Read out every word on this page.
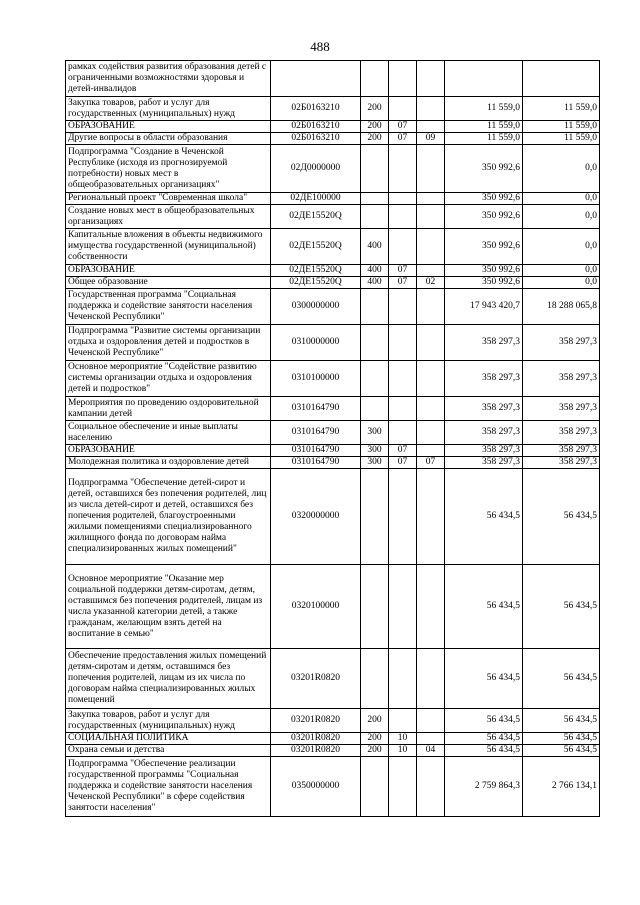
488
рамках содействия развития образования детей с ограниченными возможностями здоровья и детей-инвалидов						
Закупка товаров, работ и услуг для государственных (муниципальных) нужд	02Б0163210	200			11 559,0	11 559,0
ОБРАЗОВАНИЕ	02Б0163210	200	07		11 559,0	11 559,0
Другие вопросы в области образования	02Б0163210	200	07	09	11 559,0	11 559,0
Подпрограмма "Создание в Чеченской Республике (исходя из прогнозируемой потребности) новых мест в общеобразовательных организациях"	02Д0000000				350 992,6	0,0
Региональный проект "Современная школа"	02ДЕ100000				350 992,6	0,0
Создание новых мест в общеобразовательных организациях	02ДЕ15520Q				350 992,6	0,0
Капитальные вложения в объекты недвижимого имущества государственной (муниципальной) собственности	02ДЕ15520Q	400			350 992,6	0,0
ОБРАЗОВАНИЕ	02ДЕ15520Q	400	07		350 992,6	0,0
Общее образование	02ДЕ15520Q	400	07	02	350 992,6	0,0
Государственная программа "Социальная поддержка и содействие занятости населения Чеченской Республики"	0300000000				17 943 420,7	18 288 065,8
Подпрограмма "Развитие системы организации отдыха и оздоровления детей и подростков в Чеченской Республике"	0310000000				358 297,3	358 297,3
Основное мероприятие "Содействие развитию системы организации отдыха и оздоровления детей и подростков"	0310100000				358 297,3	358 297,3
Мероприятия по проведению оздоровительной кампании детей	0310164790				358 297,3	358 297,3
Социальное обеспечение и иные выплаты населению	0310164790	300			358 297,3	358 297,3
ОБРАЗОВАНИЕ	0310164790	300	07		358 297,3	358 297,3
Молодежная политика и оздоровление детей	0310164790	300	07	07	358 297,3	358 297,3
Подпрограмма "Обеспечение детей-сирот и детей, оставшихся без попечения родителей, лиц из числа детей-сирот и детей, оставшихся без попечения родителей, благоустроенными жилыми помещениями специализированного жилищного фонда по договорам найма специализированных жилых помещений"	0320000000				56 434,5	56 434,5
Основное мероприятие "Оказание мер социальной поддержки детям-сиротам, детям, оставшимся без попечения родителей, лицам из числа указанной категории детей, а также гражданам, желающим взять детей на воспитание в семью"	0320100000				56 434,5	56 434,5
Обеспечение предоставления жилых помещений детям-сиротам и детям, оставшимся без попечения родителей, лицам из их числа по договорам найма специализированных жилых помещений	03201R0820				56 434,5	56 434,5
Закупка товаров, работ и услуг для государственных (муниципальных) нужд	03201R0820	200			56 434,5	56 434,5
СОЦИАЛЬНАЯ ПОЛИТИКА	03201R0820	200	10		56 434,5	56 434,5
Охрана семьи и детства	03201R0820	200	10	04	56 434,5	56 434,5
Подпрограмма "Обеспечение реализации государственной программы "Социальная поддержка и содействие занятости населения Чеченской Республики" в сфере содействия занятости населения"	0350000000				2 759 864,3	2 766 134,1
